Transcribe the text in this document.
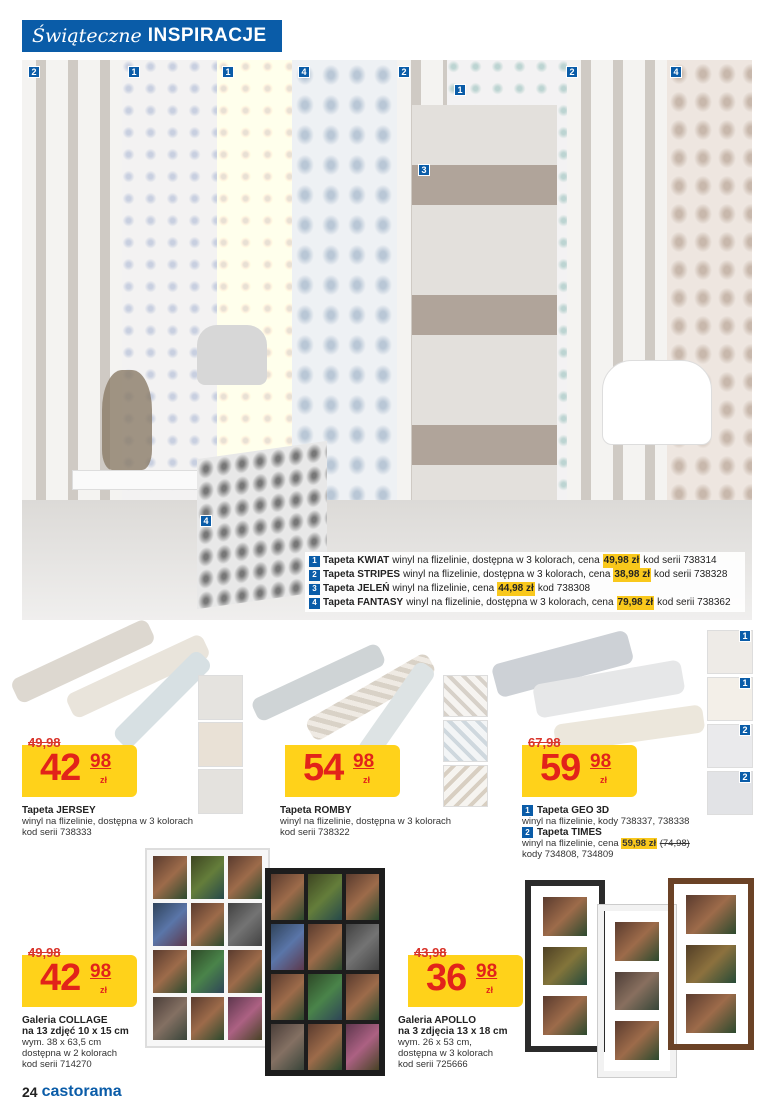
Świąteczne INSPIRACJE
2	1	1	4	2
1
3
2	4
4
1 Tapeta KWIAT winyl na flizelinie, dostępna w 3 kolorach, cena 49,98 zł kod serii 738314
2 Tapeta STRIPES winyl na flizelinie, dostępna w 3 kolorach, cena 38,98 zł kod serii 738328
3 Tapeta JELEŃ winyl na flizelinie, cena 44,98 zł kod 738308
4 Tapeta FANTASY winyl na flizelinie, dostępna w 3 kolorach, cena 79,98 zł kod serii 738362
49,98
42 98
zł
Tapeta JERSEY
winyl na flizelinie, dostępna w 3 kolorach
kod serii 738333
54 98
zł
Tapeta ROMBY
winyl na flizelinie, dostępna w 3 kolorach
kod serii 738322
1
1
2
2
67,98
59 98
zł
1 Tapeta GEO 3D
winyl na flizelinie, kody 738337, 738338
2 Tapeta TIMES
winyl na flizelinie, cena 59,98 zł (74,98)
kody 734808, 734809
49,98
42 98
zł
Galeria COLLAGE
na 13 zdjęć 10 x 15 cm
wym. 38 x 63,5 cm
dostępna w 2 kolorach
kod serii 714270
43,98
36 98
zł
Galeria APOLLO
na 3 zdjęcia 13 x 18 cm
wym. 26 x 53 cm,
dostępna w 3 kolorach
kod serii 725666
24 castorama
